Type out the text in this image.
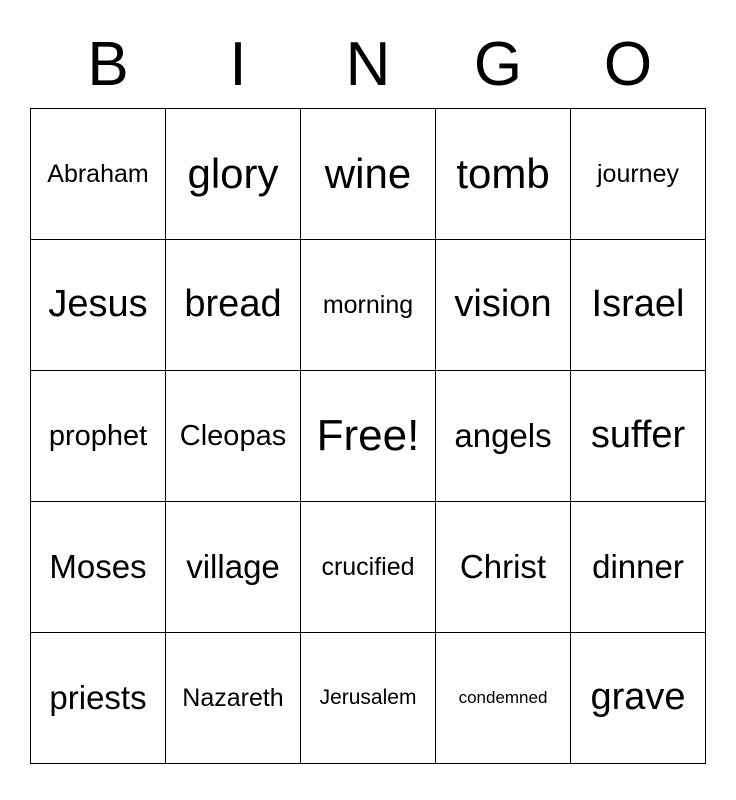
B	I	N	G	O
Abraham	glory	wine	tomb	journey
Jesus	bread	morning	vision	Israel
prophet	Cleopas	Free!	angels	suffer
Moses	village	crucified	Christ	dinner
priests	Nazareth	Jerusalem	condemned	grave
